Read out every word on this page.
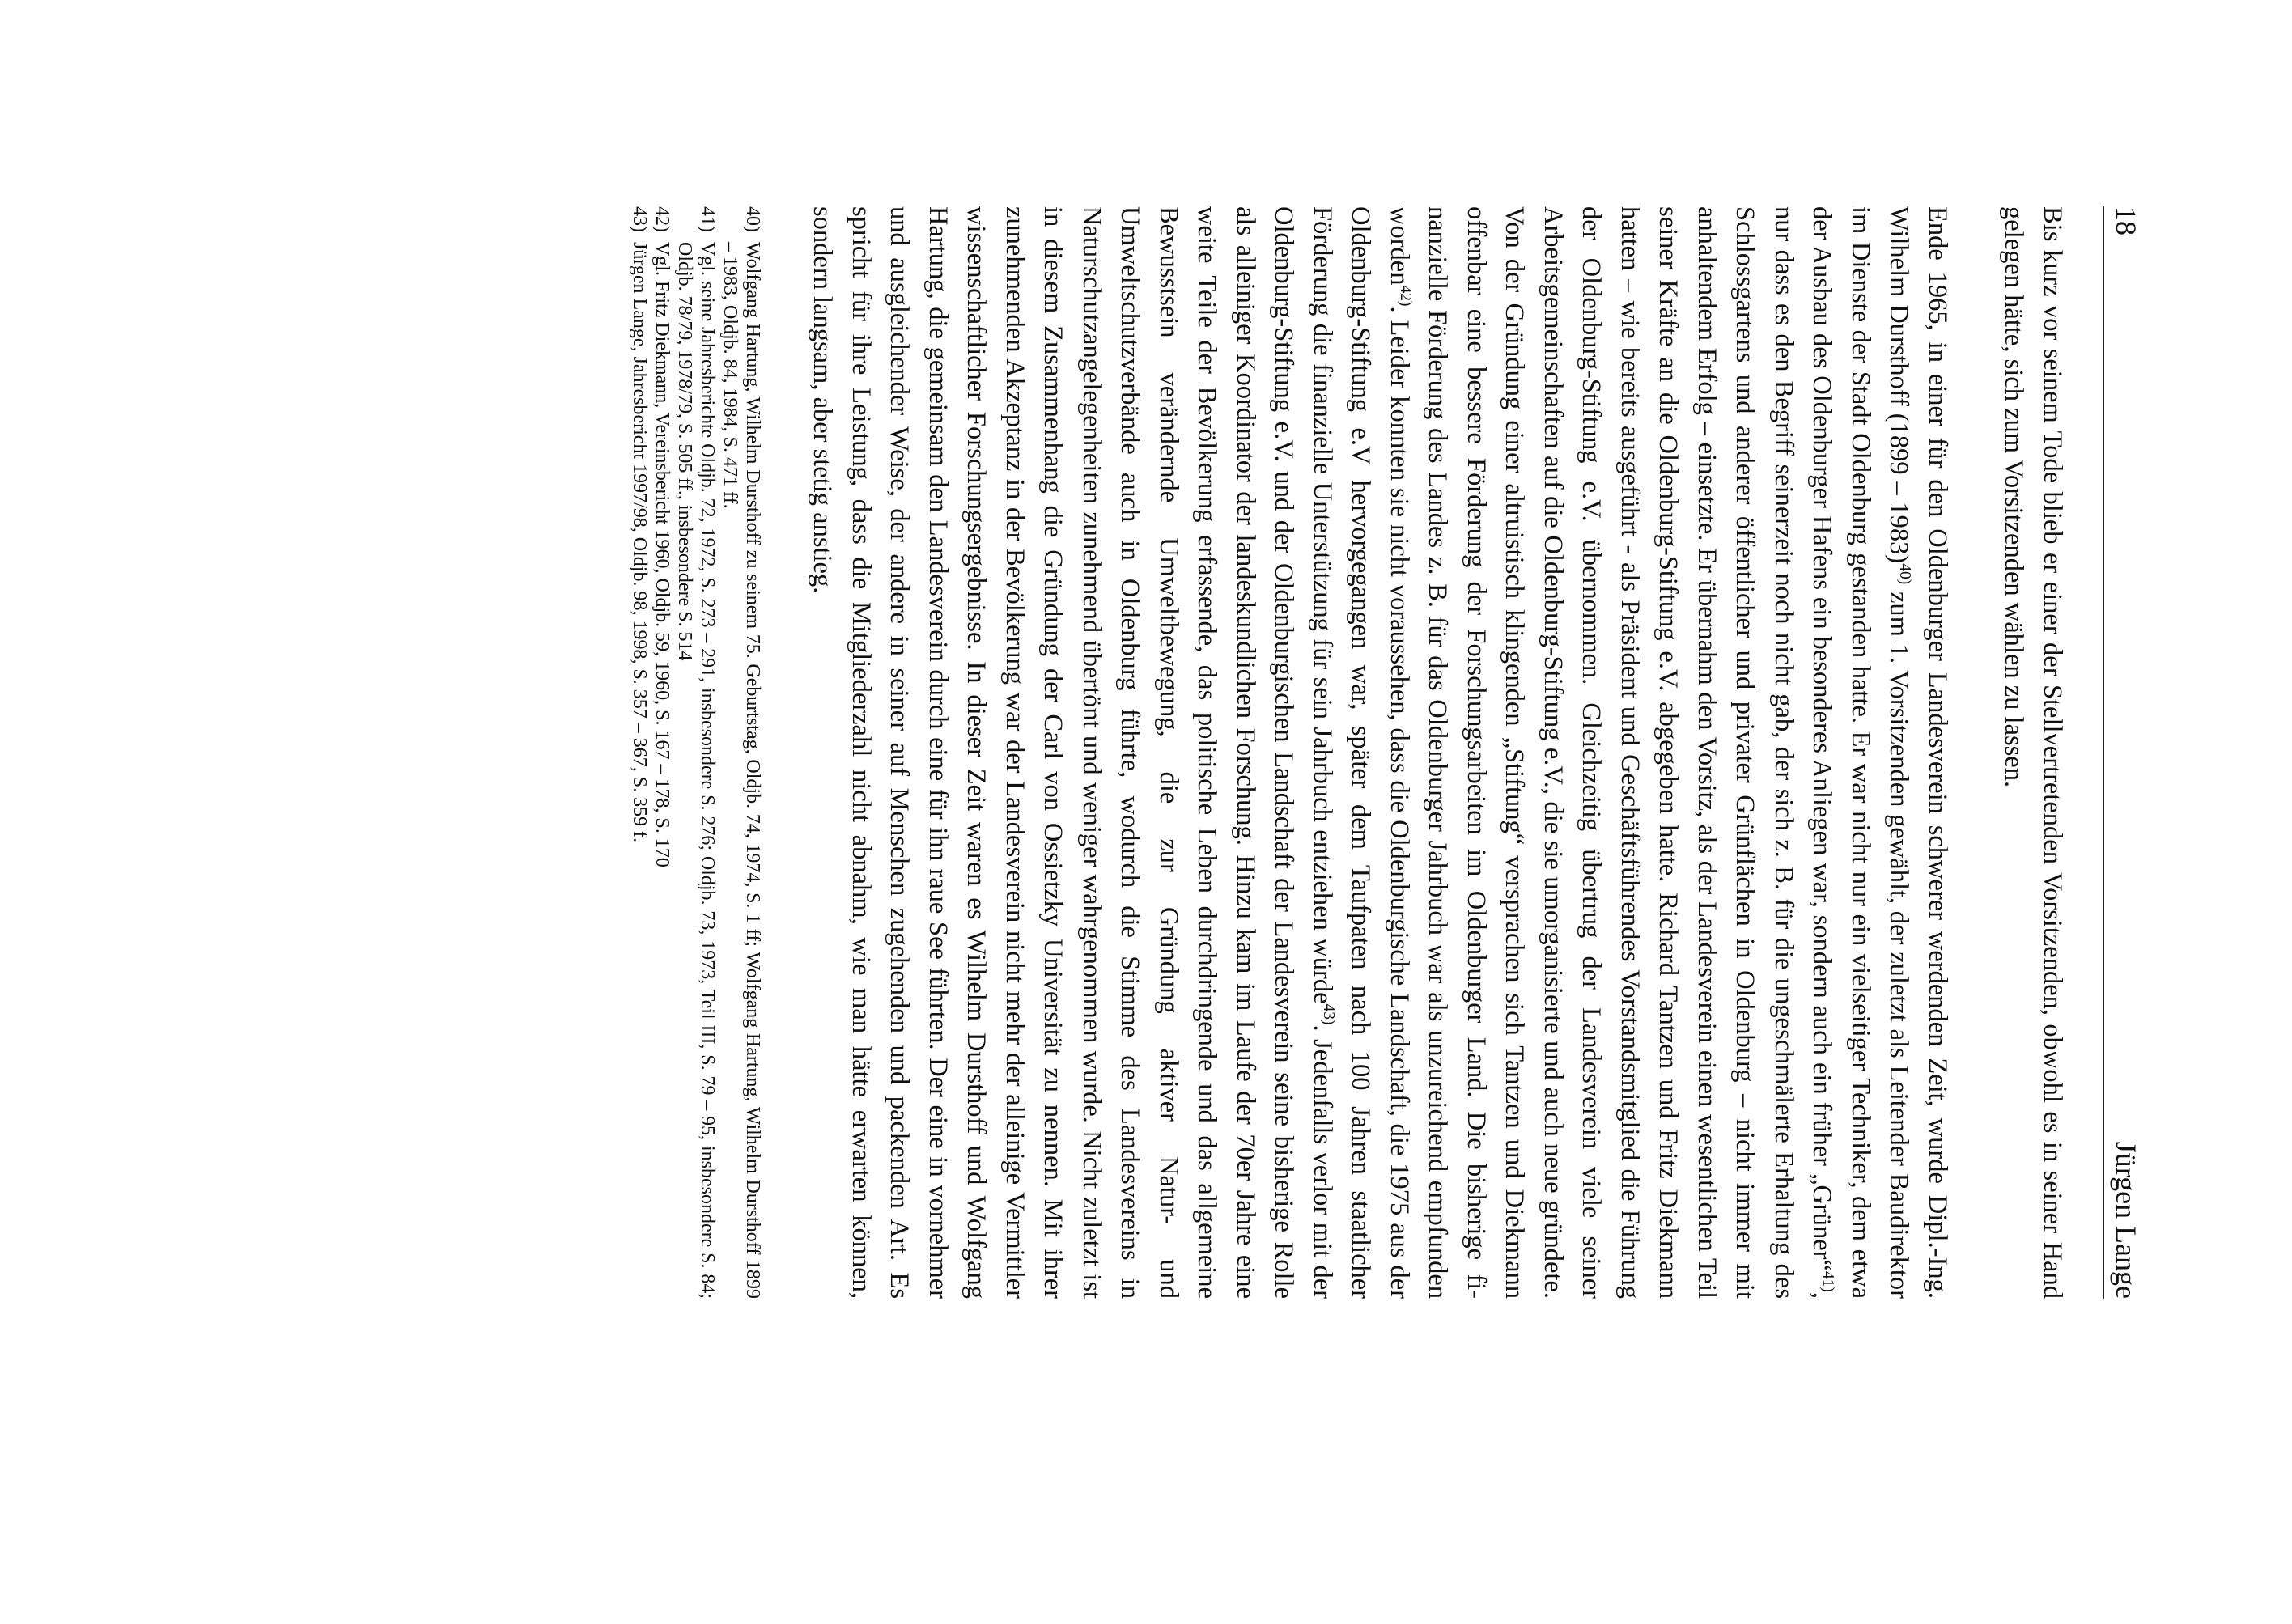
18
Jürgen Lange

Bis kurz vor seinem Tode blieb er einer der Stellvertretenden Vorsitzenden, obwohl es in seiner Hand gelegen hätte, sich zum Vorsitzenden wählen zu lassen.

Ende 1965, in einer für den Oldenburger Landesverein schwerer werdenden Zeit, wurde Dipl.-Ing. Wilhelm Dursthoff (1899 – 1983)$^{40)}$ zum 1. Vorsitzenden gewählt, der zuletzt als Leitender Baudirektor im Dienste der Stadt Oldenburg gestanden hatte. Er war nicht nur ein vielseitiger Techniker, dem etwa der Ausbau des Oldenburger Hafens ein besonderes Anliegen war, sondern auch ein früher „Grüner“$^{41)}$, nur dass es den Begriff seinerzeit noch nicht gab, der sich z. B. für die ungeschmälerte Erhaltung des Schlossgartens und anderer öffentlicher und privater Grünflächen in Oldenburg – nicht immer mit anhaltendem Erfolg – einsetzte. Er übernahm den Vorsitz, als der Landesverein einen wesentlichen Teil seiner Kräfte an die Oldenburg-Stiftung e.V. abgegeben hatte. Richard Tantzen und Fritz Diekmann hatten – wie bereits ausgeführt - als Präsident und Geschäftsführendes Vorstandsmitglied die Führung der Oldenburg-Stiftung e.V. übernommen. Gleichzeitig übertrug der Landesverein viele seiner Arbeitsgemeinschaften auf die Oldenburg-Stiftung e.V., die sie umorganisierte und auch neue gründete. Von der Gründung einer altruistisch klingenden „Stiftung“ versprachen sich Tantzen und Diekmann offenbar eine bessere Förderung der Forschungsarbeiten im Oldenburger Land. Die bisherige finanzielle Förderung des Landes z. B. für das Oldenburger Jahrbuch war als unzureichend empfunden worden$^{42)}$. Leider konnten sie nicht voraussehen, dass die Oldenburgische Landschaft, die 1975 aus der Oldenburg-Stiftung e.V hervorgegangen war, später dem Taufpaten nach 100 Jahren staatlicher Förderung die finanzielle Unterstützung für sein Jahrbuch entziehen würde$^{43)}$. Jedenfalls verlor mit der Oldenburg-Stiftung e.V. und der Oldenburgischen Landschaft der Landesverein seine bisherige Rolle als alleiniger Koordinator der landeskundlichen Forschung. Hinzu kam im Laufe der 70er Jahre eine weite Teile der Bevölkerung erfassende, das politische Leben durchdringende und das allgemeine Bewusstsein verändernde Umweltbewegung, die zur Gründung aktiver Natur- und Umweltschutzverbände auch in Oldenburg führte, wodurch die Stimme des Landesvereins in Naturschutzangelegenheiten zunehmend übertönt und weniger wahrgenommen wurde. Nicht zuletzt ist in diesem Zusammenhang die Gründung der Carl von Ossietzky Universität zu nennen. Mit ihrer zunehmenden Akzeptanz in der Bevölkerung war der Landesverein nicht mehr der alleinige Vermittler wissenschaftlicher Forschungsergebnisse. In dieser Zeit waren es Wilhelm Dursthoff und Wolfgang Hartung, die gemeinsam den Landesverein durch eine für ihn raue See führten. Der eine in vornehmer und ausgleichender Weise, der andere in seiner auf Menschen zugehenden und packenden Art. Es spricht für ihre Leistung, dass die Mitgliederzahl nicht abnahm, wie man hätte erwarten können, sondern langsam, aber stetig anstieg.

40)
Wolfgang Hartung, Wilhelm Dursthoff zu seinem 75. Geburtstag, Oldjb. 74, 1974, S. 1 ff; Wolfgang Hartung, Wilhelm Dursthoff 1899 – 1983, Oldjb. 84, 1984, S. 471 ff.
41)
Vgl. seine Jahresberichte Oldjb. 72, 1972, S. 273 – 291, insbesondere S. 276; Oldjb. 73, 1973, Teil III, S. 79 – 95, insbesondere S. 84; Oldjb. 78/79, 1978/79, S. 505 ff., insbesondere S. 514
42)
Vgl. Fritz Diekmann, Vereinsbericht 1960, Oldjb. 59, 1960, S. 167 – 178, S. 170
43)
Jürgen Lange, Jahresbericht 1997/98, Oldjb. 98, 1998, S. 357 – 367, S. 359 f.
